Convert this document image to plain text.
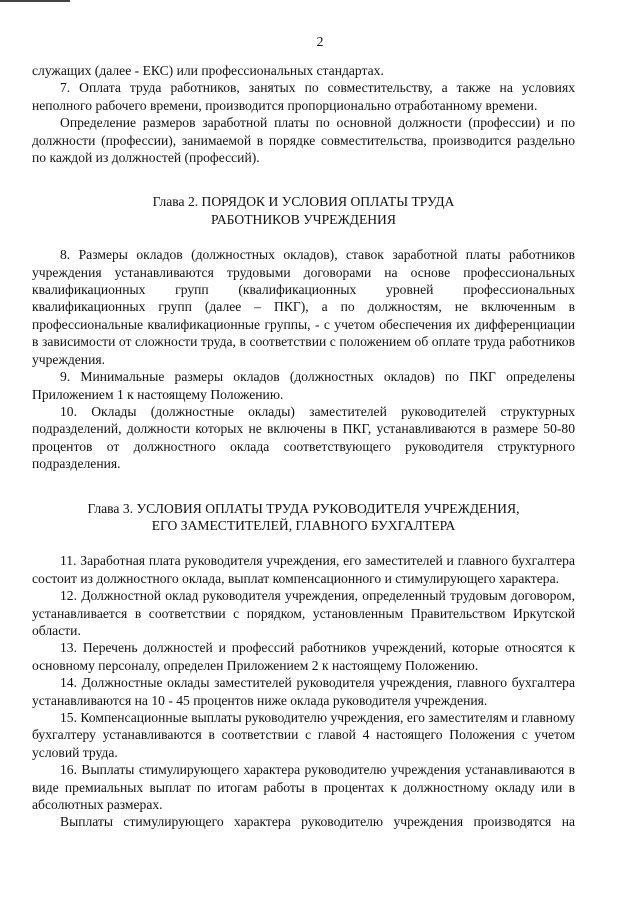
2

служащих (далее - ЕКС) или профессиональных стандартах.

7. Оплата труда работников, занятых по совместительству, а также на условиях неполного рабочего времени, производится пропорционально отработанному времени.

Определение размеров заработной платы по основной должности (профессии) и по должности (профессии), занимаемой в порядке совместительства, производится раздельно по каждой из должностей (профессий).

Глава 2. ПОРЯДОК И УСЛОВИЯ ОПЛАТЫ ТРУДА
РАБОТНИКОВ УЧРЕЖДЕНИЯ

8. Размеры окладов (должностных окладов), ставок заработной платы работников учреждения устанавливаются трудовыми договорами на основе профессиональных квалификационных групп (квалификационных уровней профессиональных квалификационных групп (далее – ПКГ), а по должностям, не включенным в профессиональные квалификационные группы, - с учетом обеспечения их дифференциации в зависимости от сложности труда, в соответствии с положением об оплате труда работников учреждения.

9. Минимальные размеры окладов (должностных окладов) по ПКГ определены Приложением 1 к настоящему Положению.

10. Оклады (должностные оклады) заместителей руководителей структурных подразделений, должности которых не включены в ПКГ, устанавливаются в размере 50-80 процентов от должностного оклада соответствующего руководителя структурного подразделения.

Глава 3. УСЛОВИЯ ОПЛАТЫ ТРУДА РУКОВОДИТЕЛЯ УЧРЕЖДЕНИЯ,
ЕГО ЗАМЕСТИТЕЛЕЙ, ГЛАВНОГО БУХГАЛТЕРА

11. Заработная плата руководителя учреждения, его заместителей и главного бухгалтера состоит из должностного оклада, выплат компенсационного и стимулирующего характера.

12. Должностной оклад руководителя учреждения, определенный трудовым договором, устанавливается в соответствии с порядком, установленным Правительством Иркутской области.

13. Перечень должностей и профессий работников учреждений, которые относятся к основному персоналу, определен Приложением 2 к настоящему Положению.

14. Должностные оклады заместителей руководителя учреждения, главного бухгалтера устанавливаются на 10 - 45 процентов ниже оклада руководителя учреждения.

15. Компенсационные выплаты руководителю учреждения, его заместителям и главному бухгалтеру устанавливаются в соответствии с главой 4 настоящего Положения с учетом условий труда.

16. Выплаты стимулирующего характера руководителю учреждения устанавливаются в виде премиальных выплат по итогам работы в процентах к должностному окладу или в абсолютных размерах.

Выплаты стимулирующего характера руководителю учреждения производятся на
